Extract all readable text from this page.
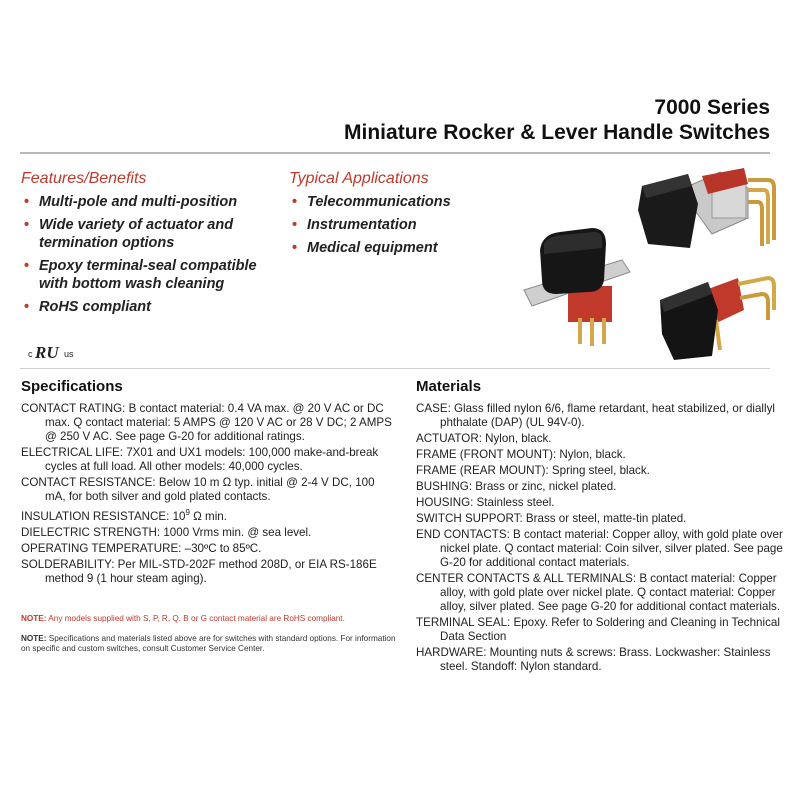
7000 Series
Miniature Rocker & Lever Handle Switches
Features/Benefits
• Multi-pole and multi-position
• Wide variety of actuator and termination options
• Epoxy terminal-seal compatible with bottom wash cleaning
• RoHS compliant
Typical Applications
• Telecommunications
• Instrumentation
• Medical equipment
c RU us
Specifications

CONTACT RATING: B contact material: 0.4 VA max. @ 20 V AC or DC max. Q contact material: 5 AMPS @ 120 V AC or 28 V DC; 2 AMPS @ 250 V AC. See page G-20 for additional ratings.

ELECTRICAL LIFE: 7X01 and UX1 models: 100,000 make-and-break cycles at full load. All other models: 40,000 cycles.

CONTACT RESISTANCE: Below 10 m Ω typ. initial @ 2-4 V DC, 100 mA, for both silver and gold plated contacts.

INSULATION RESISTANCE: $10^9$ Ω min.

DIELECTRIC STRENGTH: 1000 Vrms min. @ sea level.

OPERATING TEMPERATURE: –30ºC to 85ºC.

SOLDERABILITY: Per MIL-STD-202F method 208D, or EIA RS-186E method 9 (1 hour steam aging).

NOTE: Any models supplied with S, P, R, Q, B or G contact material are RoHS compliant.
NOTE: Specifications and materials listed above are for switches with standard options. For information on specific and custom switches, consult Customer Service Center.
Materials

CASE: Glass filled nylon 6/6, flame retardant, heat stabilized, or diallyl phthalate (DAP) (UL 94V-0).

ACTUATOR: Nylon, black.

FRAME (FRONT MOUNT): Nylon, black.

FRAME (REAR MOUNT): Spring steel, black.

BUSHING: Brass or zinc, nickel plated.

HOUSING: Stainless steel.

SWITCH SUPPORT: Brass or steel, matte-tin plated.

END CONTACTS: B contact material: Copper alloy, with gold plate over nickel plate. Q contact material: Coin silver, silver plated. See page G-20 for additional contact materials.

CENTER CONTACTS & ALL TERMINALS: B contact material: Copper alloy, with gold plate over nickel plate. Q contact material: Copper alloy, silver plated. See page G-20 for additional contact materials.

TERMINAL SEAL: Epoxy. Refer to Soldering and Cleaning in Technical Data Section

HARDWARE: Mounting nuts & screws: Brass. Lockwasher: Stainless steel. Standoff: Nylon standard.
